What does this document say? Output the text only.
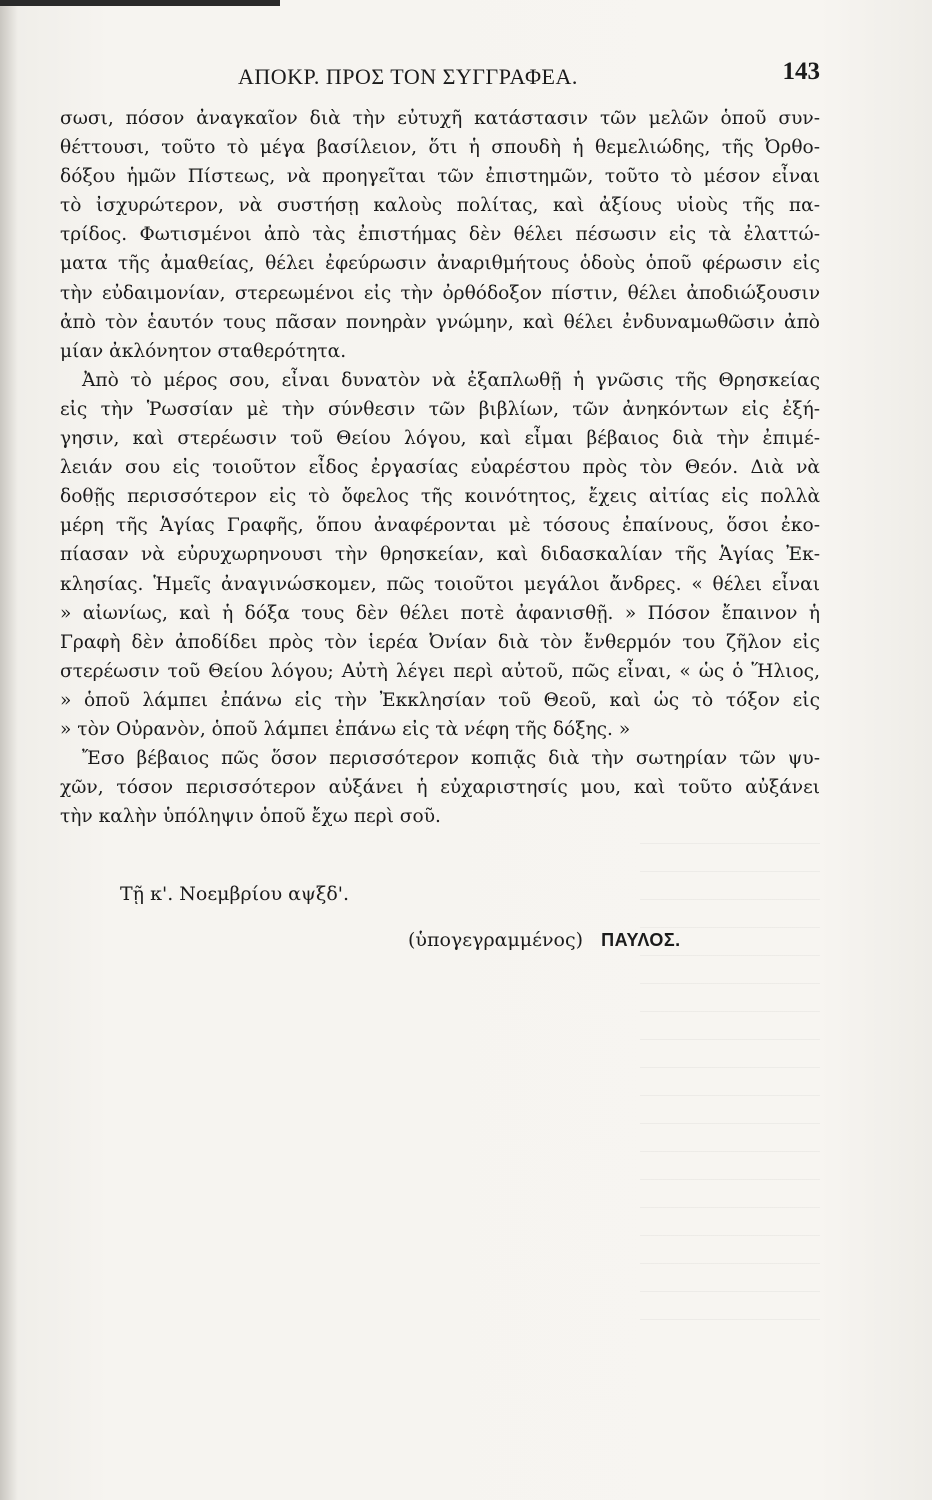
ΑΠΟΚΡ. ΠΡΟΣ ΤΟΝ ΣΥΓΓΡΑΦΕΑ.	143
σωσι, πόσον ἀναγκαῖον διὰ τὴν εὐτυχῆ κατάστασιν τῶν μελῶν ὁποῦ συν-
θέττουσι, τοῦτο τὸ μέγα βασίλειον, ὅτι ἡ σπουδὴ ἡ θεμελιώδης, τῆς Ὀρθο-
δόξου ἡμῶν Πίστεως, νὰ προηγεῖται τῶν ἐπιστημῶν, τοῦτο τὸ μέσον εἶναι
τὸ ἰσχυρώτερον, νὰ συστήσῃ καλοὺς πολίτας, καὶ ἀξίους υἱοὺς τῆς πα-
τρίδος. Φωτισμένοι ἀπὸ τὰς ἐπιστήμας δὲν θέλει πέσωσιν εἰς τὰ ἐλαττώ-
ματα τῆς ἀμαθείας, θέλει ἐφεύρωσιν ἀναριθμήτους ὁδοὺς ὁποῦ φέρωσιν εἰς
τὴν εὐδαιμονίαν, στερεωμένοι εἰς τὴν ὀρθόδοξον πίστιν, θέλει ἀποδιώξουσιν
ἀπὸ τὸν ἑαυτόν τους πᾶσαν πονηρὰν γνώμην, καὶ θέλει ἐνδυναμωθῶσιν ἀπὸ
μίαν ἀκλόνητον σταθερότητα.
Ἀπὸ τὸ μέρος σου, εἶναι δυνατὸν νὰ ἐξαπλωθῇ ἡ γνῶσις τῆς Θρησκείας
εἰς τὴν Ῥωσσίαν μὲ τὴν σύνθεσιν τῶν βιβλίων, τῶν ἀνηκόντων εἰς ἐξή-
γησιν, καὶ στερέωσιν τοῦ Θείου λόγου, καὶ εἶμαι βέβαιος διὰ τὴν ἐπιμέ-
λειάν σου εἰς τοιοῦτον εἶδος ἐργασίας εὐαρέστου πρὸς τὸν Θεόν. Διὰ νὰ
δοθῇς περισσότερον εἰς τὸ ὄφελος τῆς κοινότητος, ἔχεις αἰτίας εἰς πολλὰ
μέρη τῆς Ἁγίας Γραφῆς, ὅπου ἀναφέρονται μὲ τόσους ἐπαίνους, ὅσοι ἐκο-
πίασαν νὰ εὐρυχωρηνουσι τὴν θρησκείαν, καὶ διδασκαλίαν τῆς Ἁγίας Ἐκ-
κλησίας. Ἡμεῖς ἀναγινώσκομεν, πῶς τοιοῦτοι μεγάλοι ἄνδρες. « θέλει εἶναι
» αἰωνίως, καὶ ἡ δόξα τους δὲν θέλει ποτὲ ἀφανισθῇ. » Πόσον ἔπαινον ἡ
Γραφὴ δὲν ἀποδίδει πρὸς τὸν ἱερέα Ὀνίαν διὰ τὸν ἔνθερμόν του ζῆλον εἰς
στερέωσιν τοῦ Θείου λόγου; Αὐτὴ λέγει περὶ αὐτοῦ, πῶς εἶναι, « ὡς ὁ Ἥλιος,
» ὁποῦ λάμπει ἐπάνω εἰς τὴν Ἐκκλησίαν τοῦ Θεοῦ, καὶ ὡς τὸ τόξον εἰς
» τὸν Οὐρανὸν, ὁποῦ λάμπει ἐπάνω εἰς τὰ νέφη τῆς δόξης. »
Ἔσο βέβαιος πῶς ὅσον περισσότερον κοπιᾷς διὰ τὴν σωτηρίαν τῶν ψυ-
χῶν, τόσον περισσότερον αὐξάνει ἡ εὐχαριστησίς μου, καὶ τοῦτο αὐξάνει
τὴν καλὴν ὑπόληψιν ὁποῦ ἔχω περὶ σοῦ.
Τῇ κ'. Νοεμβρίου αψξδ'.
(ὑπογεγραμμένος) ΠΑΥΛΟΣ.
